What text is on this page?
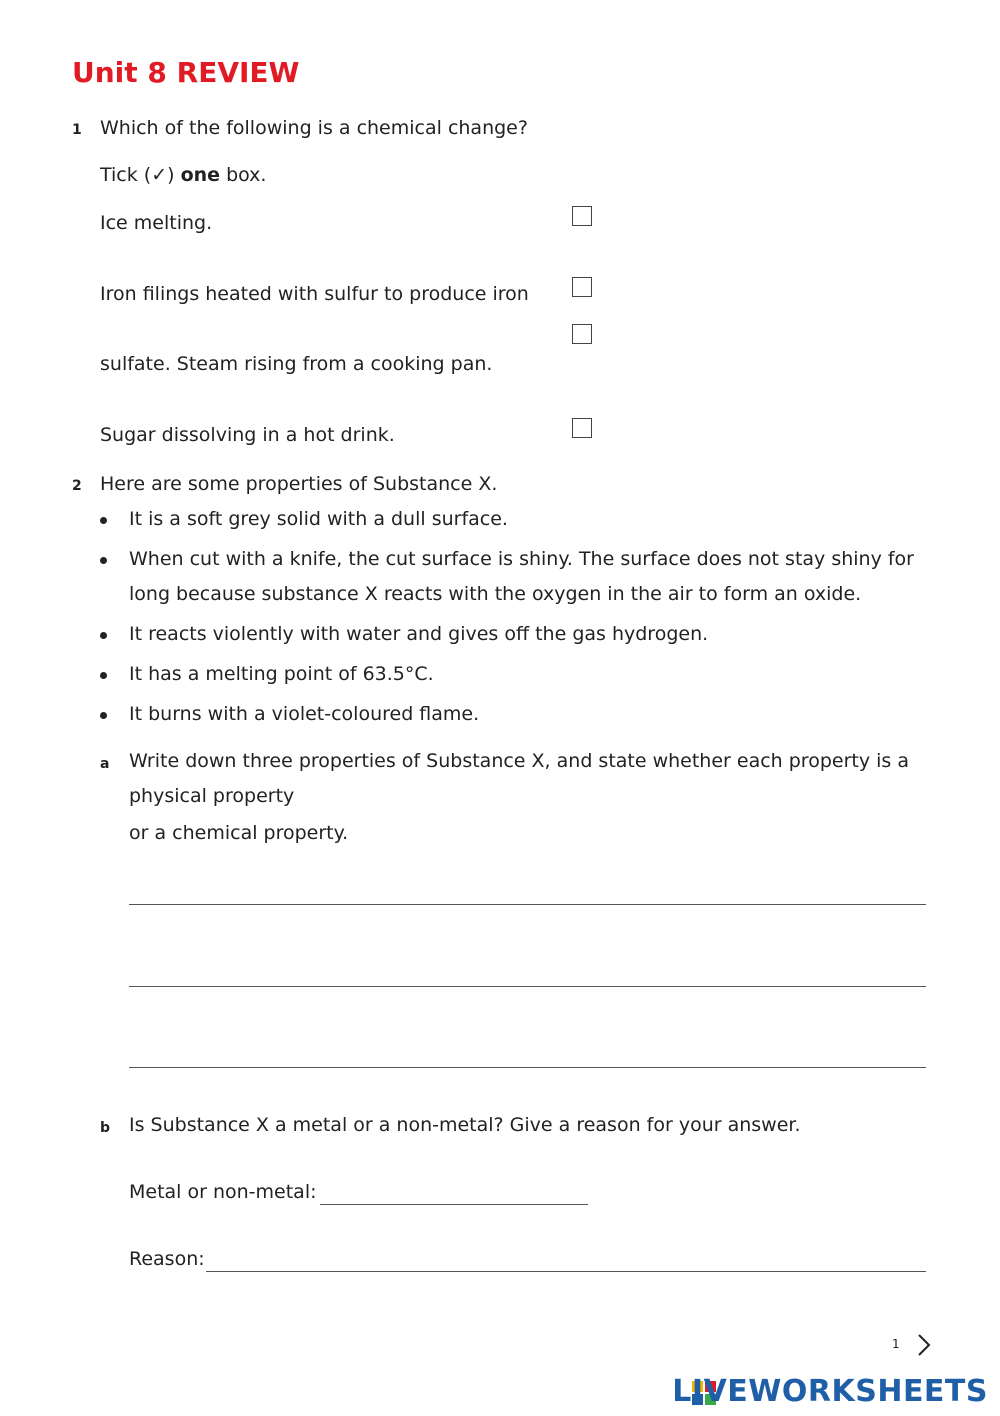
Unit 8 REVIEW
1 Which of the following is a chemical change?
Tick (✓) one box.
Ice melting.
Iron filings heated with sulfur to produce iron
sulfate. Steam rising from a cooking pan.
Sugar dissolving in a hot drink.
2 Here are some properties of Substance X.
It is a soft grey solid with a dull surface.
When cut with a knife, the cut surface is shiny. The surface does not stay shiny for
long because substance X reacts with the oxygen in the air to form an oxide.
It reacts violently with water and gives off the gas hydrogen.
It has a melting point of 63.5°C.
It burns with a violet-coloured flame.
a Write down three properties of Substance X, and state whether each property is a
physical property
or a chemical property.
b Is Substance X a metal or a non-metal? Give a reason for your answer.
Metal or non-metal:
Reason:
1
LIVEWORKSHEETS
